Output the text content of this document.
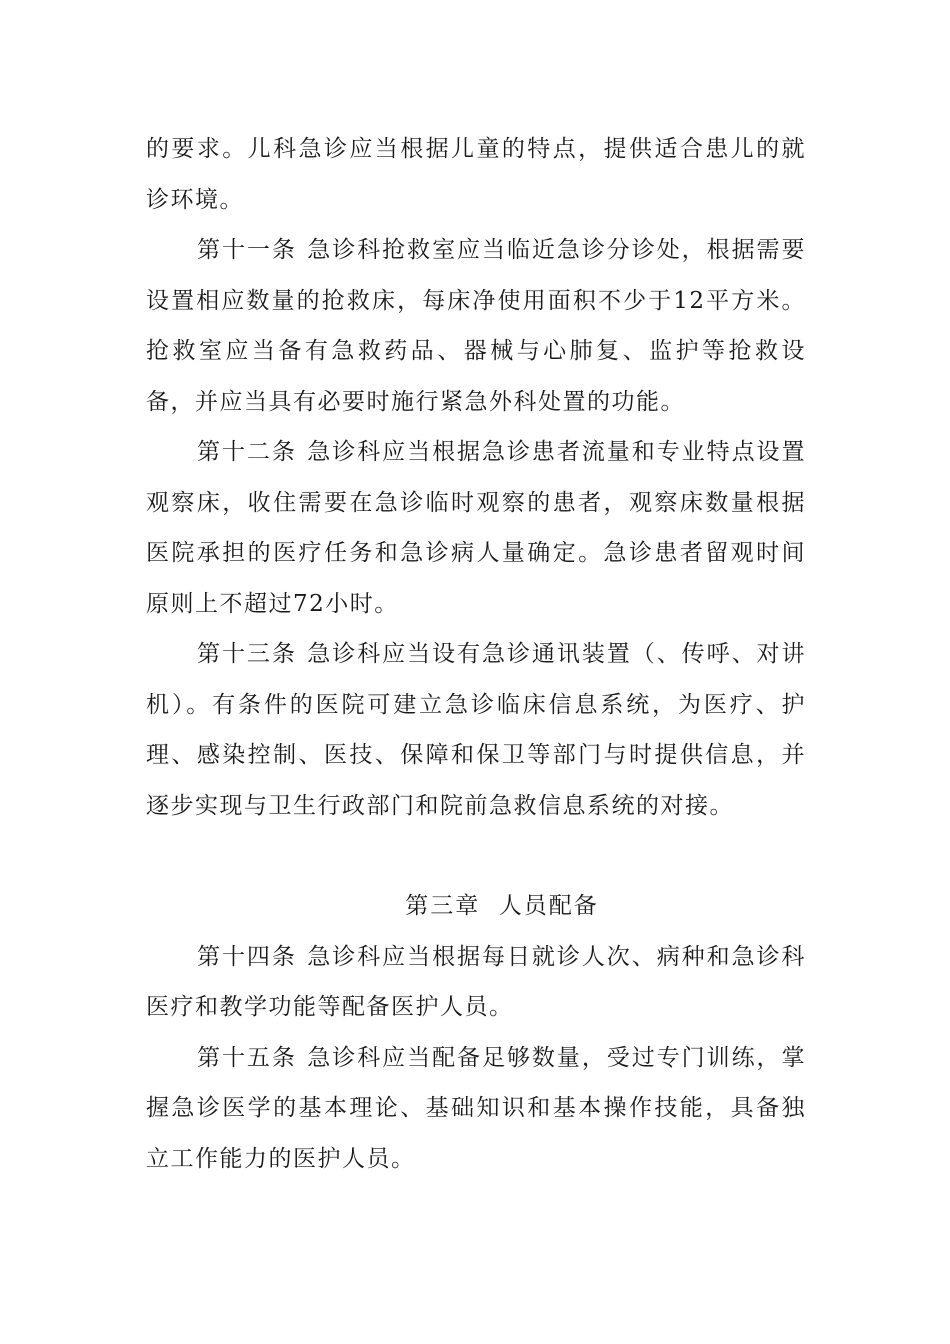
的要求。儿科急诊应当根据儿童的特点，提供适合患儿的就诊环境。

第十一条 急诊科抢救室应当临近急诊分诊处，根据需要设置相应数量的抢救床，每床净使用面积不少于12平方米。抢救室应当备有急救药品、器械与心肺复、监护等抢救设备，并应当具有必要时施行紧急外科处置的功能。

第十二条 急诊科应当根据急诊患者流量和专业特点设置观察床，收住需要在急诊临时观察的患者，观察床数量根据医院承担的医疗任务和急诊病人量确定。急诊患者留观时间原则上不超过72小时。

第十三条 急诊科应当设有急诊通讯装置（、传呼、对讲机）。有条件的医院可建立急诊临床信息系统，为医疗、护理、感染控制、医技、保障和保卫等部门与时提供信息，并逐步实现与卫生行政部门和院前急救信息系统的对接。

第三章  人员配备

第十四条 急诊科应当根据每日就诊人次、病种和急诊科医疗和教学功能等配备医护人员。

第十五条 急诊科应当配备足够数量，受过专门训练，掌握急诊医学的基本理论、基础知识和基本操作技能，具备独立工作能力的医护人员。
